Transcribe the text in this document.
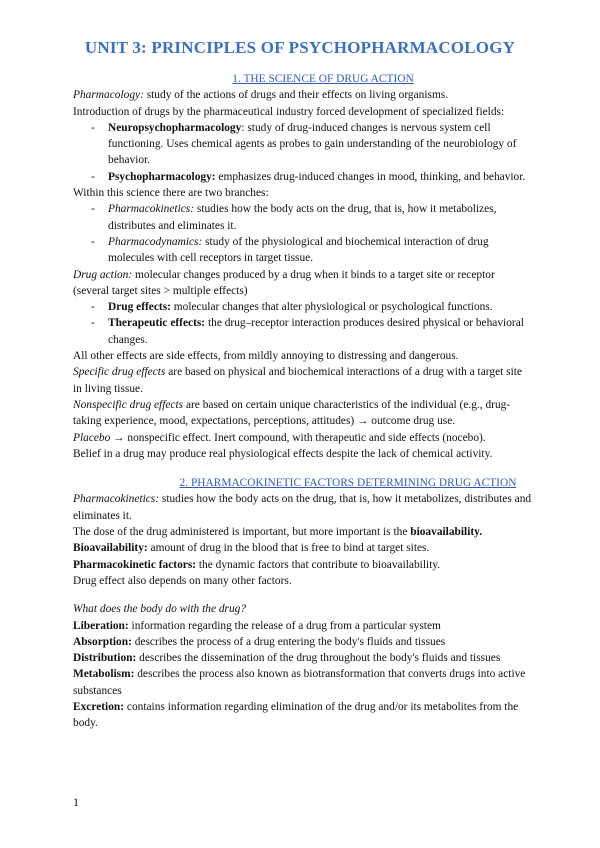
UNIT 3: PRINCIPLES OF PSYCHOPHARMACOLOGY

1. THE SCIENCE OF DRUG ACTION

Pharmacology: study of the actions of drugs and their effects on living organisms.

Introduction of drugs by the pharmaceutical industry forced development of specialized fields:

-	Neuropsychopharmacology: study of drug-induced changes is nervous system cell functioning. Uses chemical agents as probes to gain understanding of the neurobiology of behavior.
-	Psychopharmacology: emphasizes drug-induced changes in mood, thinking, and behavior.

Within this science there are two branches:

-	Pharmacokinetics: studies how the body acts on the drug, that is, how it metabolizes, distributes and eliminates it.
-	Pharmacodynamics: study of the physiological and biochemical interaction of drug molecules with cell receptors in target tissue.

Drug action: molecular changes produced by a drug when it binds to a target site or receptor (several target sites > multiple effects)

-	Drug effects: molecular changes that alter physiological or psychological functions.
-	Therapeutic effects: the drug–receptor interaction produces desired physical or behavioral changes.

All other effects are side effects, from mildly annoying to distressing and dangerous.

Specific drug effects are based on physical and biochemical interactions of a drug with a target site in living tissue.

Nonspecific drug effects are based on certain unique characteristics of the individual (e.g., drug-taking experience, mood, expectations, perceptions, attitudes) → outcome drug use.

Placebo → nonspecific effect. Inert compound, with therapeutic and side effects (nocebo).

Belief in a drug may produce real physiological effects despite the lack of chemical activity.

2. PHARMACOKINETIC FACTORS DETERMINING DRUG ACTION

Pharmacokinetics: studies how the body acts on the drug, that is, how it metabolizes, distributes and eliminates it.

The dose of the drug administered is important, but more important is the bioavailability.

Bioavailability: amount of drug in the blood that is free to bind at target sites.

Pharmacokinetic factors: the dynamic factors that contribute to bioavailability.

Drug effect also depends on many other factors.

What does the body do with the drug?

Liberation: information regarding the release of a drug from a particular system

Absorption: describes the process of a drug entering the body's fluids and tissues

Distribution: describes the dissemination of the drug throughout the body's fluids and tissues

Metabolism: describes the process also known as biotransformation that converts drugs into active substances

Excretion: contains information regarding elimination of the drug and/or its metabolites from the body.

1
